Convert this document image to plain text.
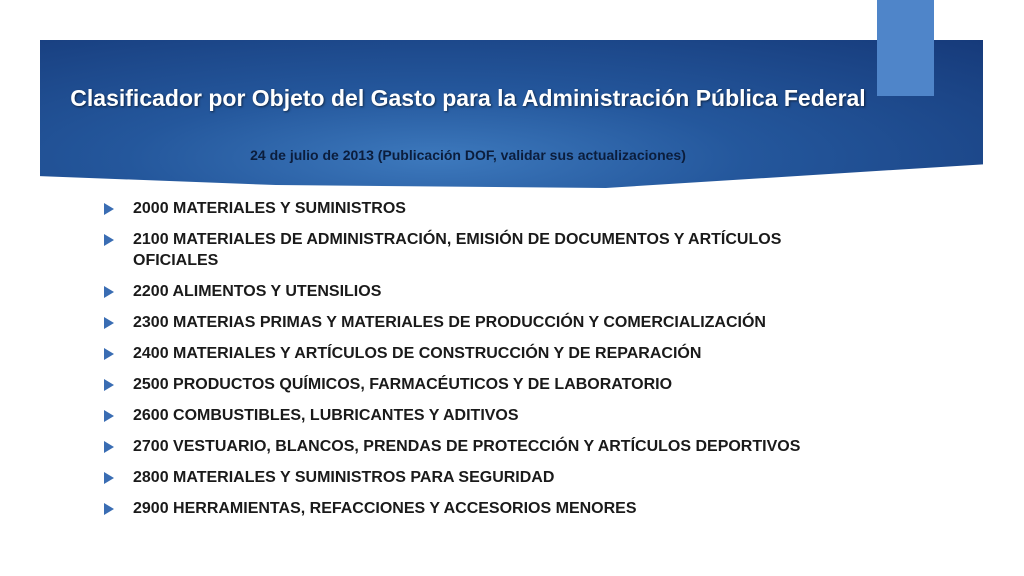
Clasificador por Objeto del Gasto para la Administración Pública Federal
24 de julio de 2013 (Publicación DOF, validar sus actualizaciones)
2000 MATERIALES Y SUMINISTROS
2100 MATERIALES DE ADMINISTRACIÓN, EMISIÓN DE DOCUMENTOS Y ARTÍCULOS OFICIALES
2200 ALIMENTOS Y UTENSILIOS
2300 MATERIAS PRIMAS Y MATERIALES DE PRODUCCIÓN Y COMERCIALIZACIÓN
2400 MATERIALES Y ARTÍCULOS DE CONSTRUCCIÓN Y DE REPARACIÓN
2500 PRODUCTOS QUÍMICOS, FARMACÉUTICOS Y DE LABORATORIO
2600 COMBUSTIBLES, LUBRICANTES Y ADITIVOS
2700 VESTUARIO, BLANCOS, PRENDAS DE PROTECCIÓN Y ARTÍCULOS DEPORTIVOS
2800 MATERIALES Y SUMINISTROS PARA SEGURIDAD
2900 HERRAMIENTAS, REFACCIONES Y ACCESORIOS MENORES
